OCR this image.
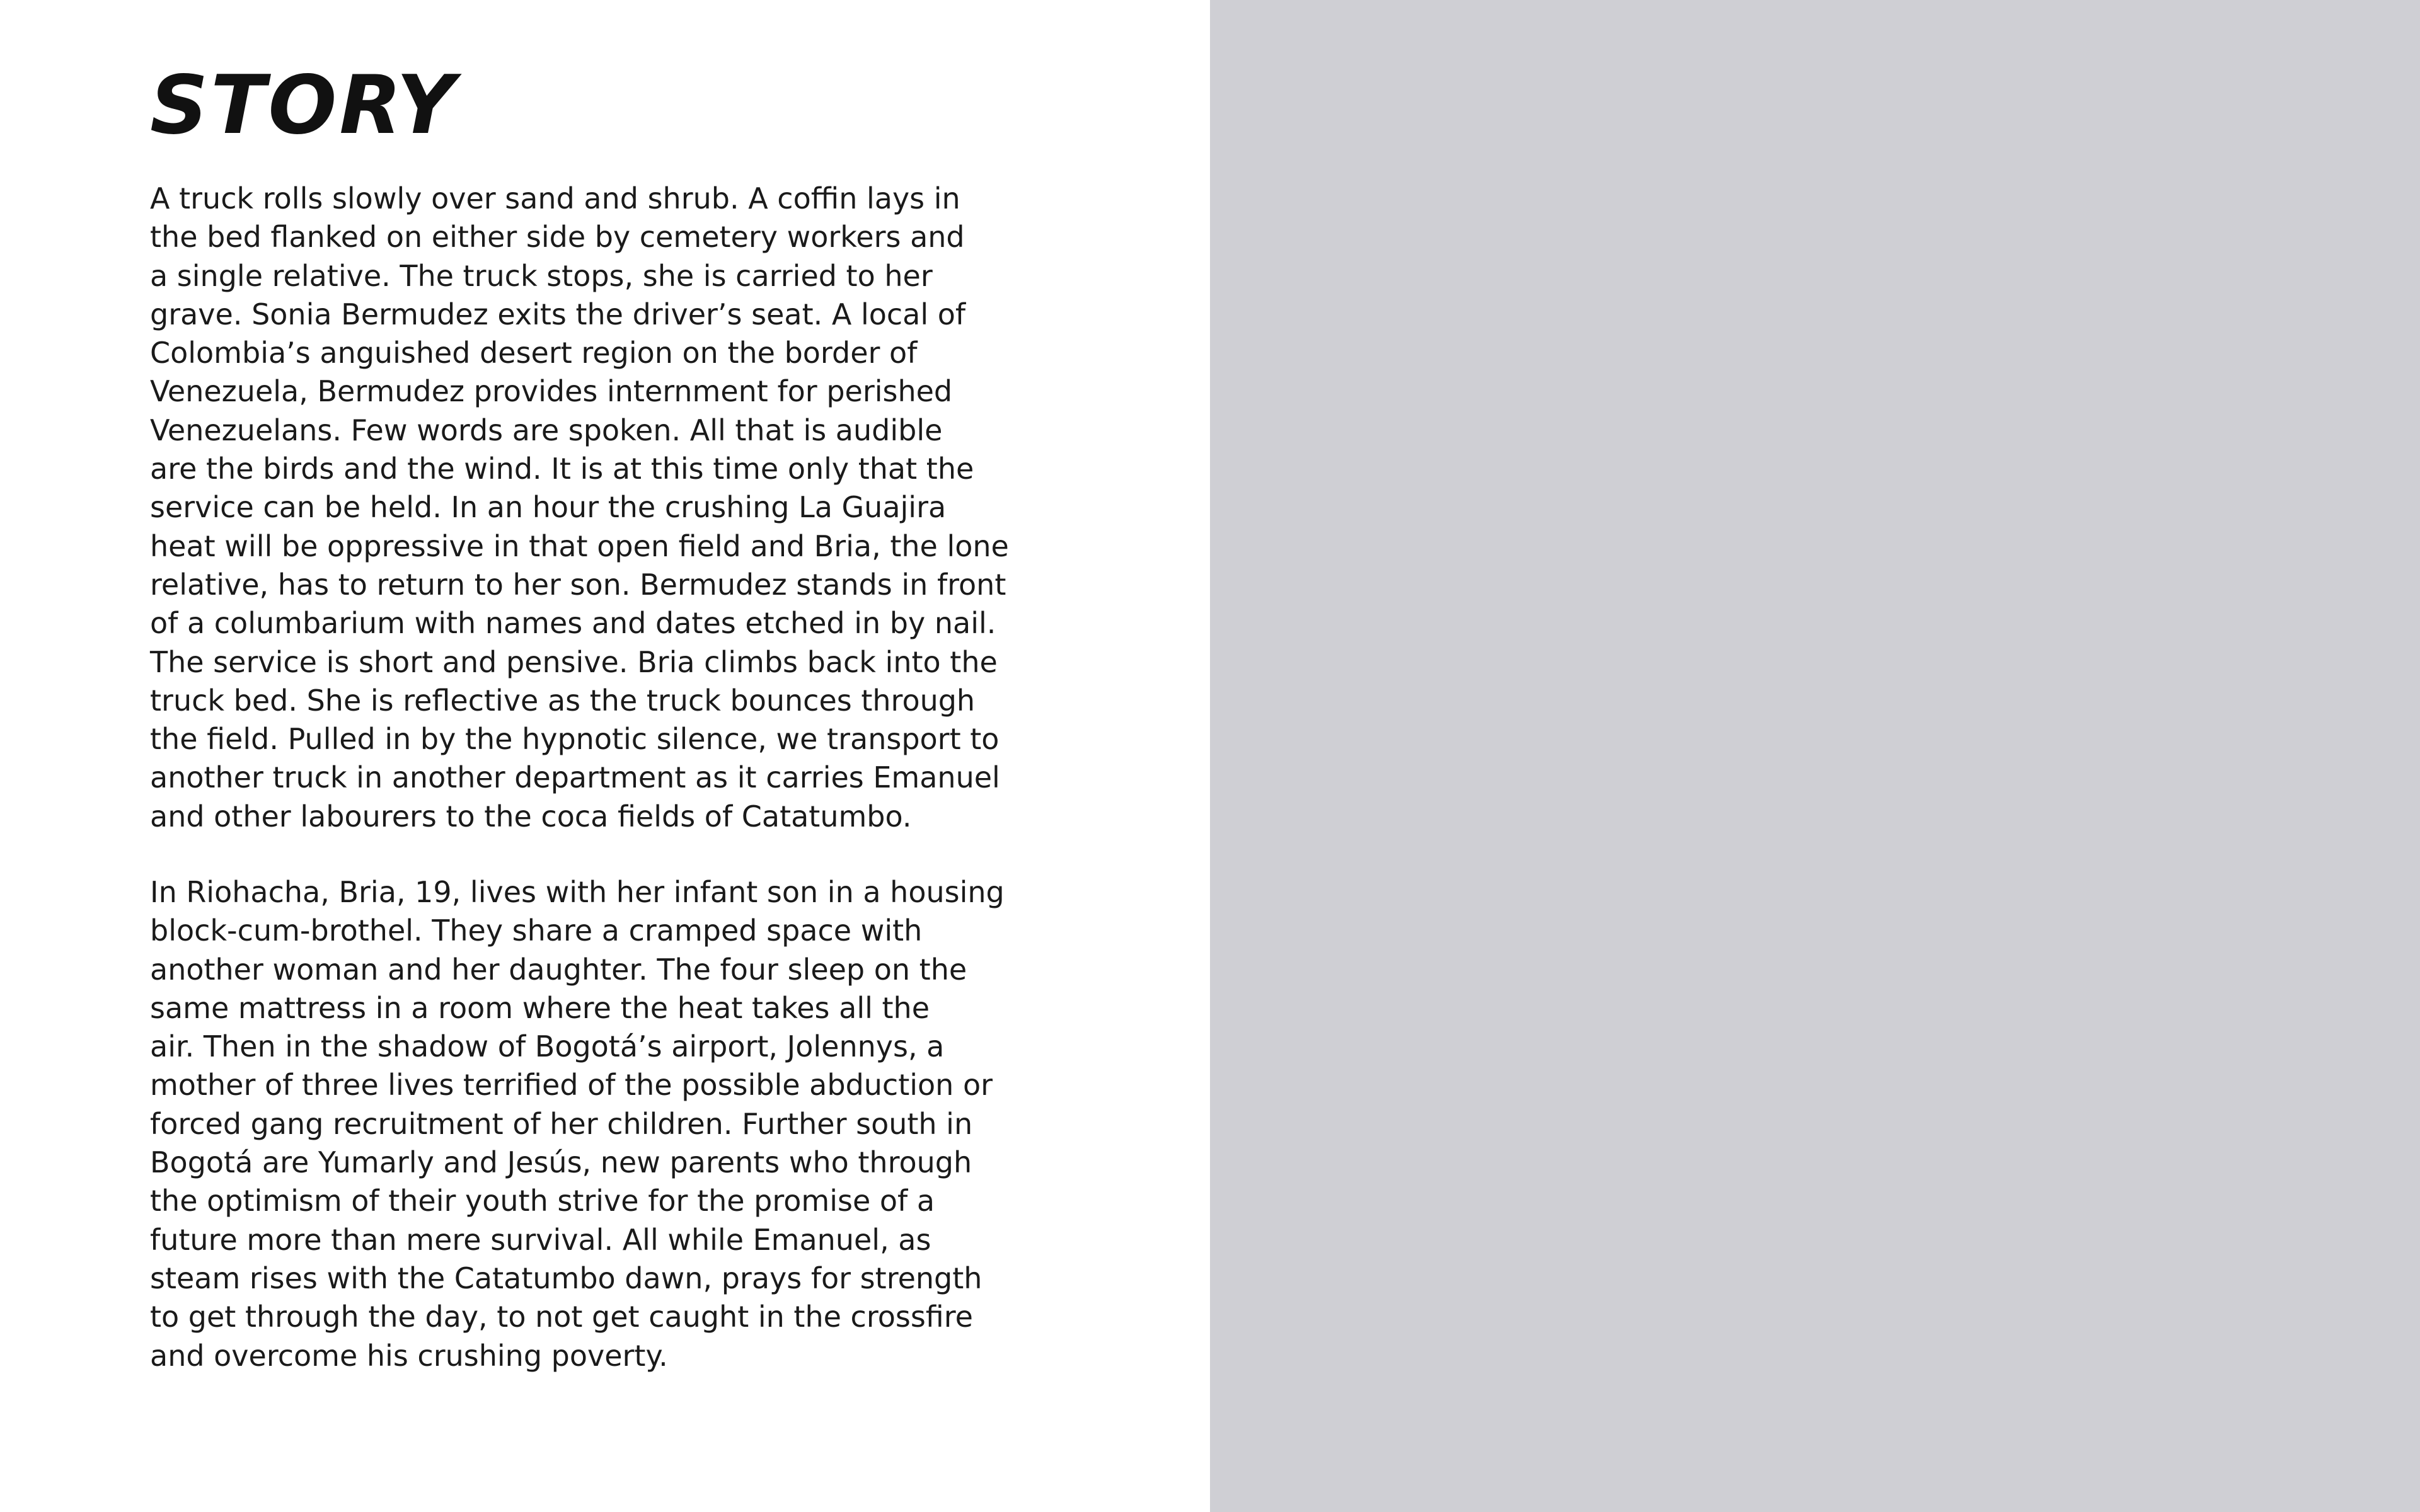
STORY

A truck rolls slowly over sand and shrub. A coffin lays in
the bed flanked on either side by cemetery workers and
a single relative. The truck stops, she is carried to her
grave. Sonia Bermudez exits the driver’s seat. A local of
Colombia’s anguished desert region on the border of
Venezuela, Bermudez provides internment for perished
Venezuelans. Few words are spoken. All that is audible
are the birds and the wind. It is at this time only that the
service can be held. In an hour the crushing La Guajira
heat will be oppressive in that open field and Bria, the lone
relative, has to return to her son. Bermudez stands in front
of a columbarium with names and dates etched in by nail.
The service is short and pensive. Bria climbs back into the
truck bed. She is reflective as the truck bounces through
the field. Pulled in by the hypnotic silence, we transport to
another truck in another department as it carries Emanuel
and other labourers to the coca fields of Catatumbo.

In Riohacha, Bria, 19, lives with her infant son in a housing
block-cum-brothel. They share a cramped space with
another woman and her daughter. The four sleep on the
same mattress in a room where the heat takes all the
air. Then in the shadow of Bogotá’s airport, Jolennys, a
mother of three lives terrified of the possible abduction or
forced gang recruitment of her children. Further south in
Bogotá are Yumarly and Jesús, new parents who through
the optimism of their youth strive for the promise of a
future more than mere survival. All while Emanuel, as
steam rises with the Catatumbo dawn, prays for strength
to get through the day, to not get caught in the crossfire
and overcome his crushing poverty.
